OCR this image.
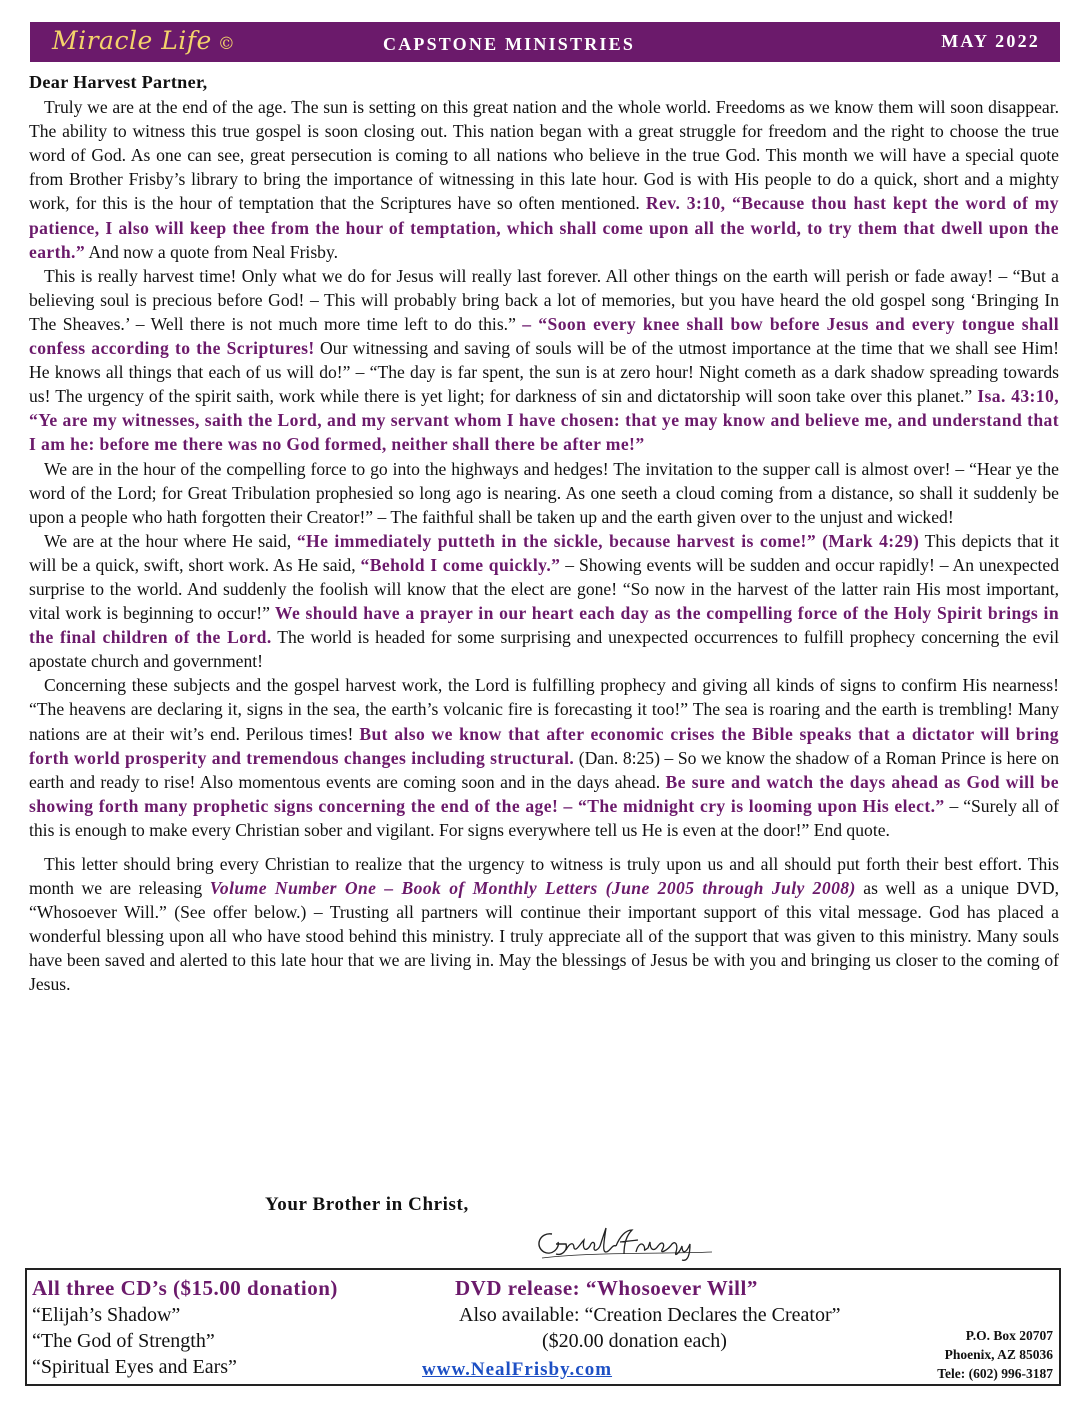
Miracle Life ©	CAPSTONE MINISTRIES	MAY 2022
Dear Harvest Partner,

Truly we are at the end of the age. The sun is setting on this great nation and the whole world. Freedoms as we know them will soon disappear. The ability to witness this true gospel is soon closing out. This nation began with a great struggle for freedom and the right to choose the true word of God. As one can see, great persecution is coming to all nations who believe in the true God. This month we will have a special quote from Brother Frisby’s library to bring the importance of witnessing in this late hour. God is with His people to do a quick, short and a mighty work, for this is the hour of temptation that the Scriptures have so often mentioned. Rev. 3:10, “Because thou hast kept the word of my patience, I also will keep thee from the hour of temptation, which shall come upon all the world, to try them that dwell upon the earth.” And now a quote from Neal Frisby.

This is really harvest time! Only what we do for Jesus will really last forever. All other things on the earth will perish or fade away! – “But a believing soul is precious before God! – This will probably bring back a lot of memories, but you have heard the old gospel song ‘Bringing In The Sheaves.’ – Well there is not much more time left to do this.” – “Soon every knee shall bow before Jesus and every tongue shall confess according to the Scriptures! Our witnessing and saving of souls will be of the utmost importance at the time that we shall see Him! He knows all things that each of us will do!” – “The day is far spent, the sun is at zero hour! Night cometh as a dark shadow spreading towards us! The urgency of the spirit saith, work while there is yet light; for darkness of sin and dictatorship will soon take over this planet.” Isa. 43:10, “Ye are my witnesses, saith the Lord, and my servant whom I have chosen: that ye may know and believe me, and understand that I am he: before me there was no God formed, neither shall there be after me!”

We are in the hour of the compelling force to go into the highways and hedges! The invitation to the supper call is almost over! – “Hear ye the word of the Lord; for Great Tribulation prophesied so long ago is nearing. As one seeth a cloud coming from a distance, so shall it suddenly be upon a people who hath forgotten their Creator!” – The faithful shall be taken up and the earth given over to the unjust and wicked!

We are at the hour where He said, “He immediately putteth in the sickle, because harvest is come!” (Mark 4:29) This depicts that it will be a quick, swift, short work. As He said, “Behold I come quickly.” – Showing events will be sudden and occur rapidly! – An unexpected surprise to the world. And suddenly the foolish will know that the elect are gone! “So now in the harvest of the latter rain His most important, vital work is beginning to occur!” We should have a prayer in our heart each day as the compelling force of the Holy Spirit brings in the final children of the Lord. The world is headed for some surprising and unexpected occurrences to fulfill prophecy concerning the evil apostate church and government!

Concerning these subjects and the gospel harvest work, the Lord is fulfilling prophecy and giving all kinds of signs to confirm His nearness! “The heavens are declaring it, signs in the sea, the earth’s volcanic fire is forecasting it too!” The sea is roaring and the earth is trembling! Many nations are at their wit’s end. Perilous times! But also we know that after economic crises the Bible speaks that a dictator will bring forth world prosperity and tremendous changes including structural. (Dan. 8:25) – So we know the shadow of a Roman Prince is here on earth and ready to rise! Also momentous events are coming soon and in the days ahead. Be sure and watch the days ahead as God will be showing forth many prophetic signs concerning the end of the age! – “The midnight cry is looming upon His elect.” – “Surely all of this is enough to make every Christian sober and vigilant. For signs everywhere tell us He is even at the door!” End quote.

This letter should bring every Christian to realize that the urgency to witness is truly upon us and all should put forth their best effort. This month we are releasing Volume Number One – Book of Monthly Letters (June 2005 through July 2008) as well as a unique DVD, “Whosoever Will.” (See offer below.) – Trusting all partners will continue their important support of this vital message. God has placed a wonderful blessing upon all who have stood behind this ministry. I truly appreciate all of the support that was given to this ministry. Many souls have been saved and alerted to this late hour that we are living in. May the blessings of Jesus be with you and bringing us closer to the coming of Jesus.

Your Brother in Christ,
All three CD’s ($15.00 donation)
“Elijah’s Shadow”
“The God of Strength”
“Spiritual Eyes and Ears”
DVD release: “Whosoever Will”
Also available: “Creation Declares the Creator”
($20.00 donation each)
www.NealFrisby.com
P.O. Box 20707
Phoenix, AZ 85036
Tele: (602) 996-3187
